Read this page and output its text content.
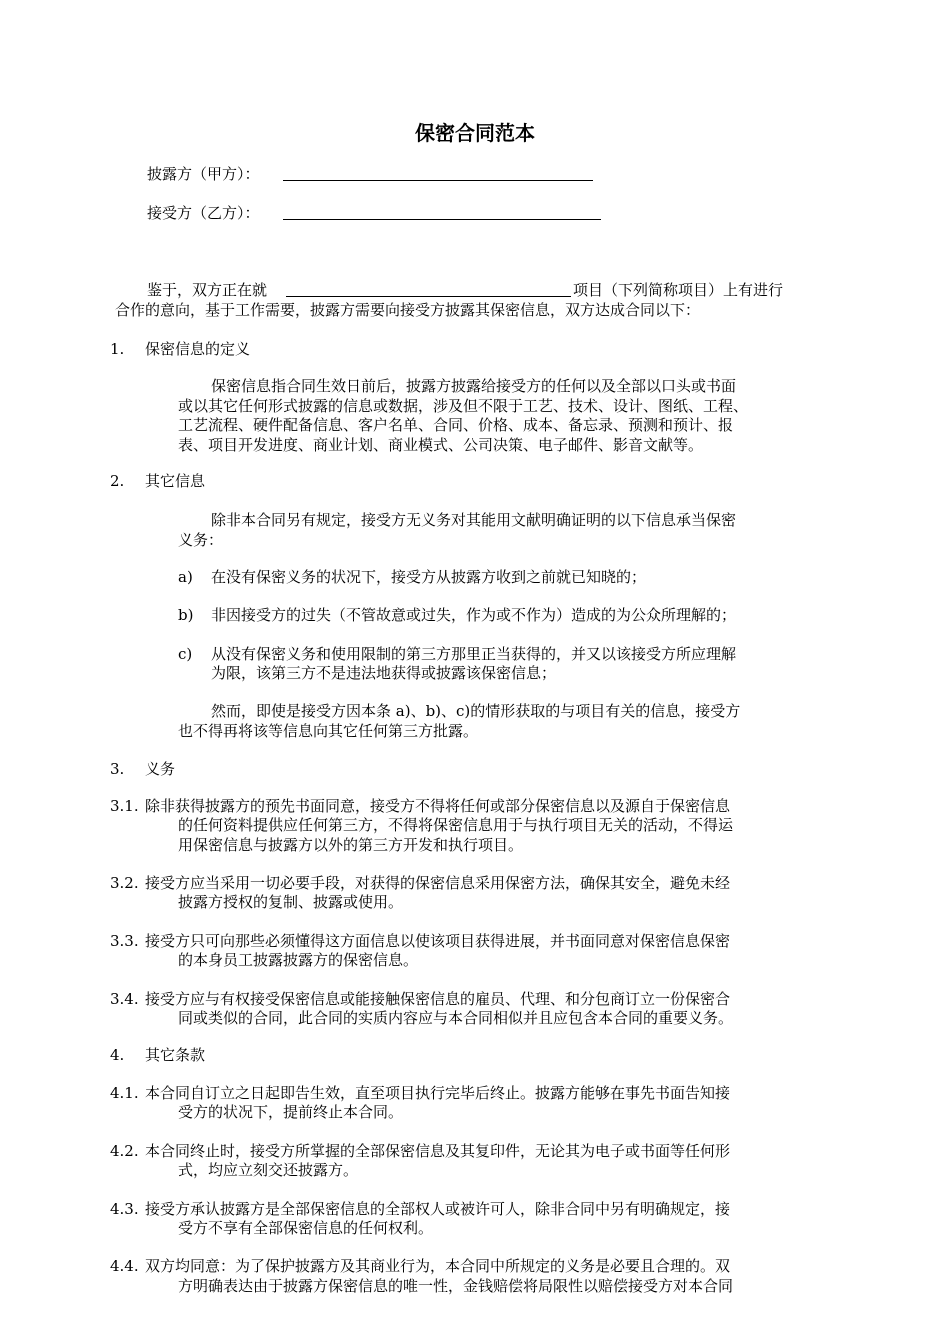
保密合同范本
披露方（甲方）：
接受方（乙方）：
鉴于，双方正在就	项目（下列简称项目）上有进行
合作的意向，基于工作需要，披露方需要向接受方披露其保密信息，双方达成合同以下：
1. 保密信息的定义
保密信息指合同生效日前后，披露方披露给接受方的任何以及全部以口头或书面
或以其它任何形式披露的信息或数据，涉及但不限于工艺、技术、设计、图纸、工程、
工艺流程、硬件配备信息、客户名单、合同、价格、成本、备忘录、预测和预计、报
表、项目开发进度、商业计划、商业模式、公司决策、电子邮件、影音文献等。
2. 其它信息
除非本合同另有规定，接受方无义务对其能用文献明确证明的以下信息承当保密
义务：
a) 在没有保密义务的状况下，接受方从披露方收到之前就已知晓的；
b) 非因接受方的过失（不管故意或过失，作为或不作为）造成的为公众所理解的；
c) 从没有保密义务和使用限制的第三方那里正当获得的，并又以该接受方所应理解
为限，该第三方不是违法地获得或披露该保密信息；
然而，即使是接受方因本条 a)、b)、c)的情形获取的与项目有关的信息，接受方
也不得再将该等信息向其它任何第三方批露。
3. 义务
3.1. 除非获得披露方的预先书面同意，接受方不得将任何或部分保密信息以及源自于保密信息
的任何资料提供应任何第三方，不得将保密信息用于与执行项目无关的活动，不得运
用保密信息与披露方以外的第三方开发和执行项目。
3.2. 接受方应当采用一切必要手段，对获得的保密信息采用保密方法，确保其安全，避免未经
披露方授权的复制、披露或使用。
3.3. 接受方只可向那些必须懂得这方面信息以使该项目获得进展，并书面同意对保密信息保密
的本身员工披露披露方的保密信息。
3.4. 接受方应与有权接受保密信息或能接触保密信息的雇员、代理、和分包商订立一份保密合
同或类似的合同，此合同的实质内容应与本合同相似并且应包含本合同的重要义务。
4. 其它条款
4.1. 本合同自订立之日起即告生效，直至项目执行完毕后终止。披露方能够在事先书面告知接
受方的状况下，提前终止本合同。
4.2. 本合同终止时，接受方所掌握的全部保密信息及其复印件，无论其为电子或书面等任何形
式，均应立刻交还披露方。
4.3. 接受方承认披露方是全部保密信息的全部权人或被许可人，除非合同中另有明确规定，接
受方不享有全部保密信息的任何权利。
4.4. 双方均同意：为了保护披露方及其商业行为，本合同中所规定的义务是必要且合理的。双
方明确表达由于披露方保密信息的唯一性，金钱赔偿将局限性以赔偿接受方对本合同
